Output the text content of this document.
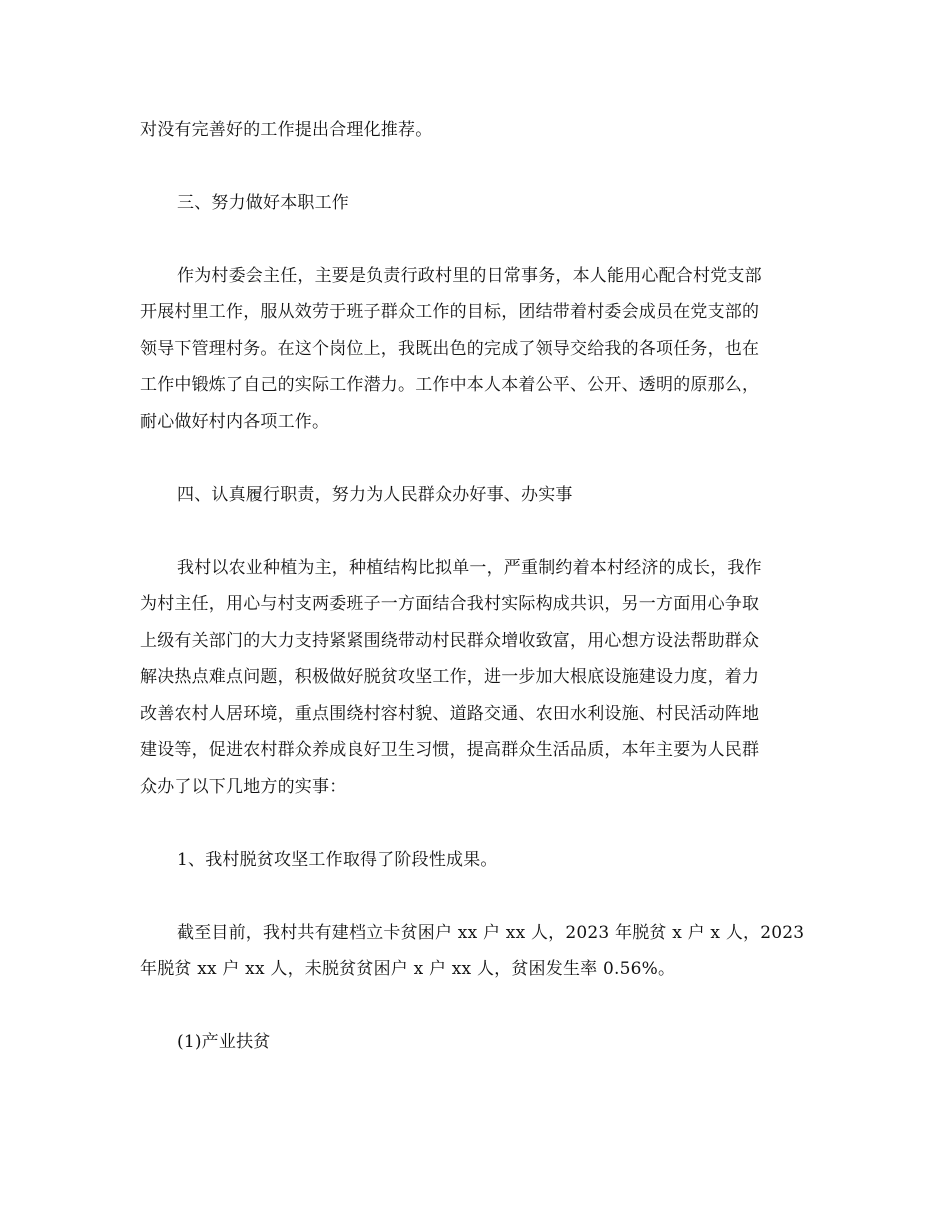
对没有完善好的工作提出合理化推荐。
三、努力做好本职工作
作为村委会主任，主要是负责行政村里的日常事务，本人能用心配合村党支部
开展村里工作，服从效劳于班子群众工作的目标，团结带着村委会成员在党支部的
领导下管理村务。在这个岗位上，我既出色的完成了领导交给我的各项任务，也在
工作中锻炼了自己的实际工作潜力。工作中本人本着公平、公开、透明的原那么，
耐心做好村内各项工作。
四、认真履行职责，努力为人民群众办好事、办实事
我村以农业种植为主，种植结构比拟单一，严重制约着本村经济的成长，我作
为村主任，用心与村支两委班子一方面结合我村实际构成共识，另一方面用心争取
上级有关部门的大力支持紧紧围绕带动村民群众增收致富，用心想方设法帮助群众
解决热点难点问题，积极做好脱贫攻坚工作，进一步加大根底设施建设力度，着力
改善农村人居环境，重点围绕村容村貌、道路交通、农田水利设施、村民活动阵地
建设等，促进农村群众养成良好卫生习惯，提高群众生活品质，本年主要为人民群
众办了以下几地方的实事：
1、我村脱贫攻坚工作取得了阶段性成果。
截至目前，我村共有建档立卡贫困户 xx 户 xx 人，2023 年脱贫 x 户 x 人，2023
年脱贫 xx 户 xx 人，未脱贫贫困户 x 户 xx 人，贫困发生率 0.56%。
(1)产业扶贫
